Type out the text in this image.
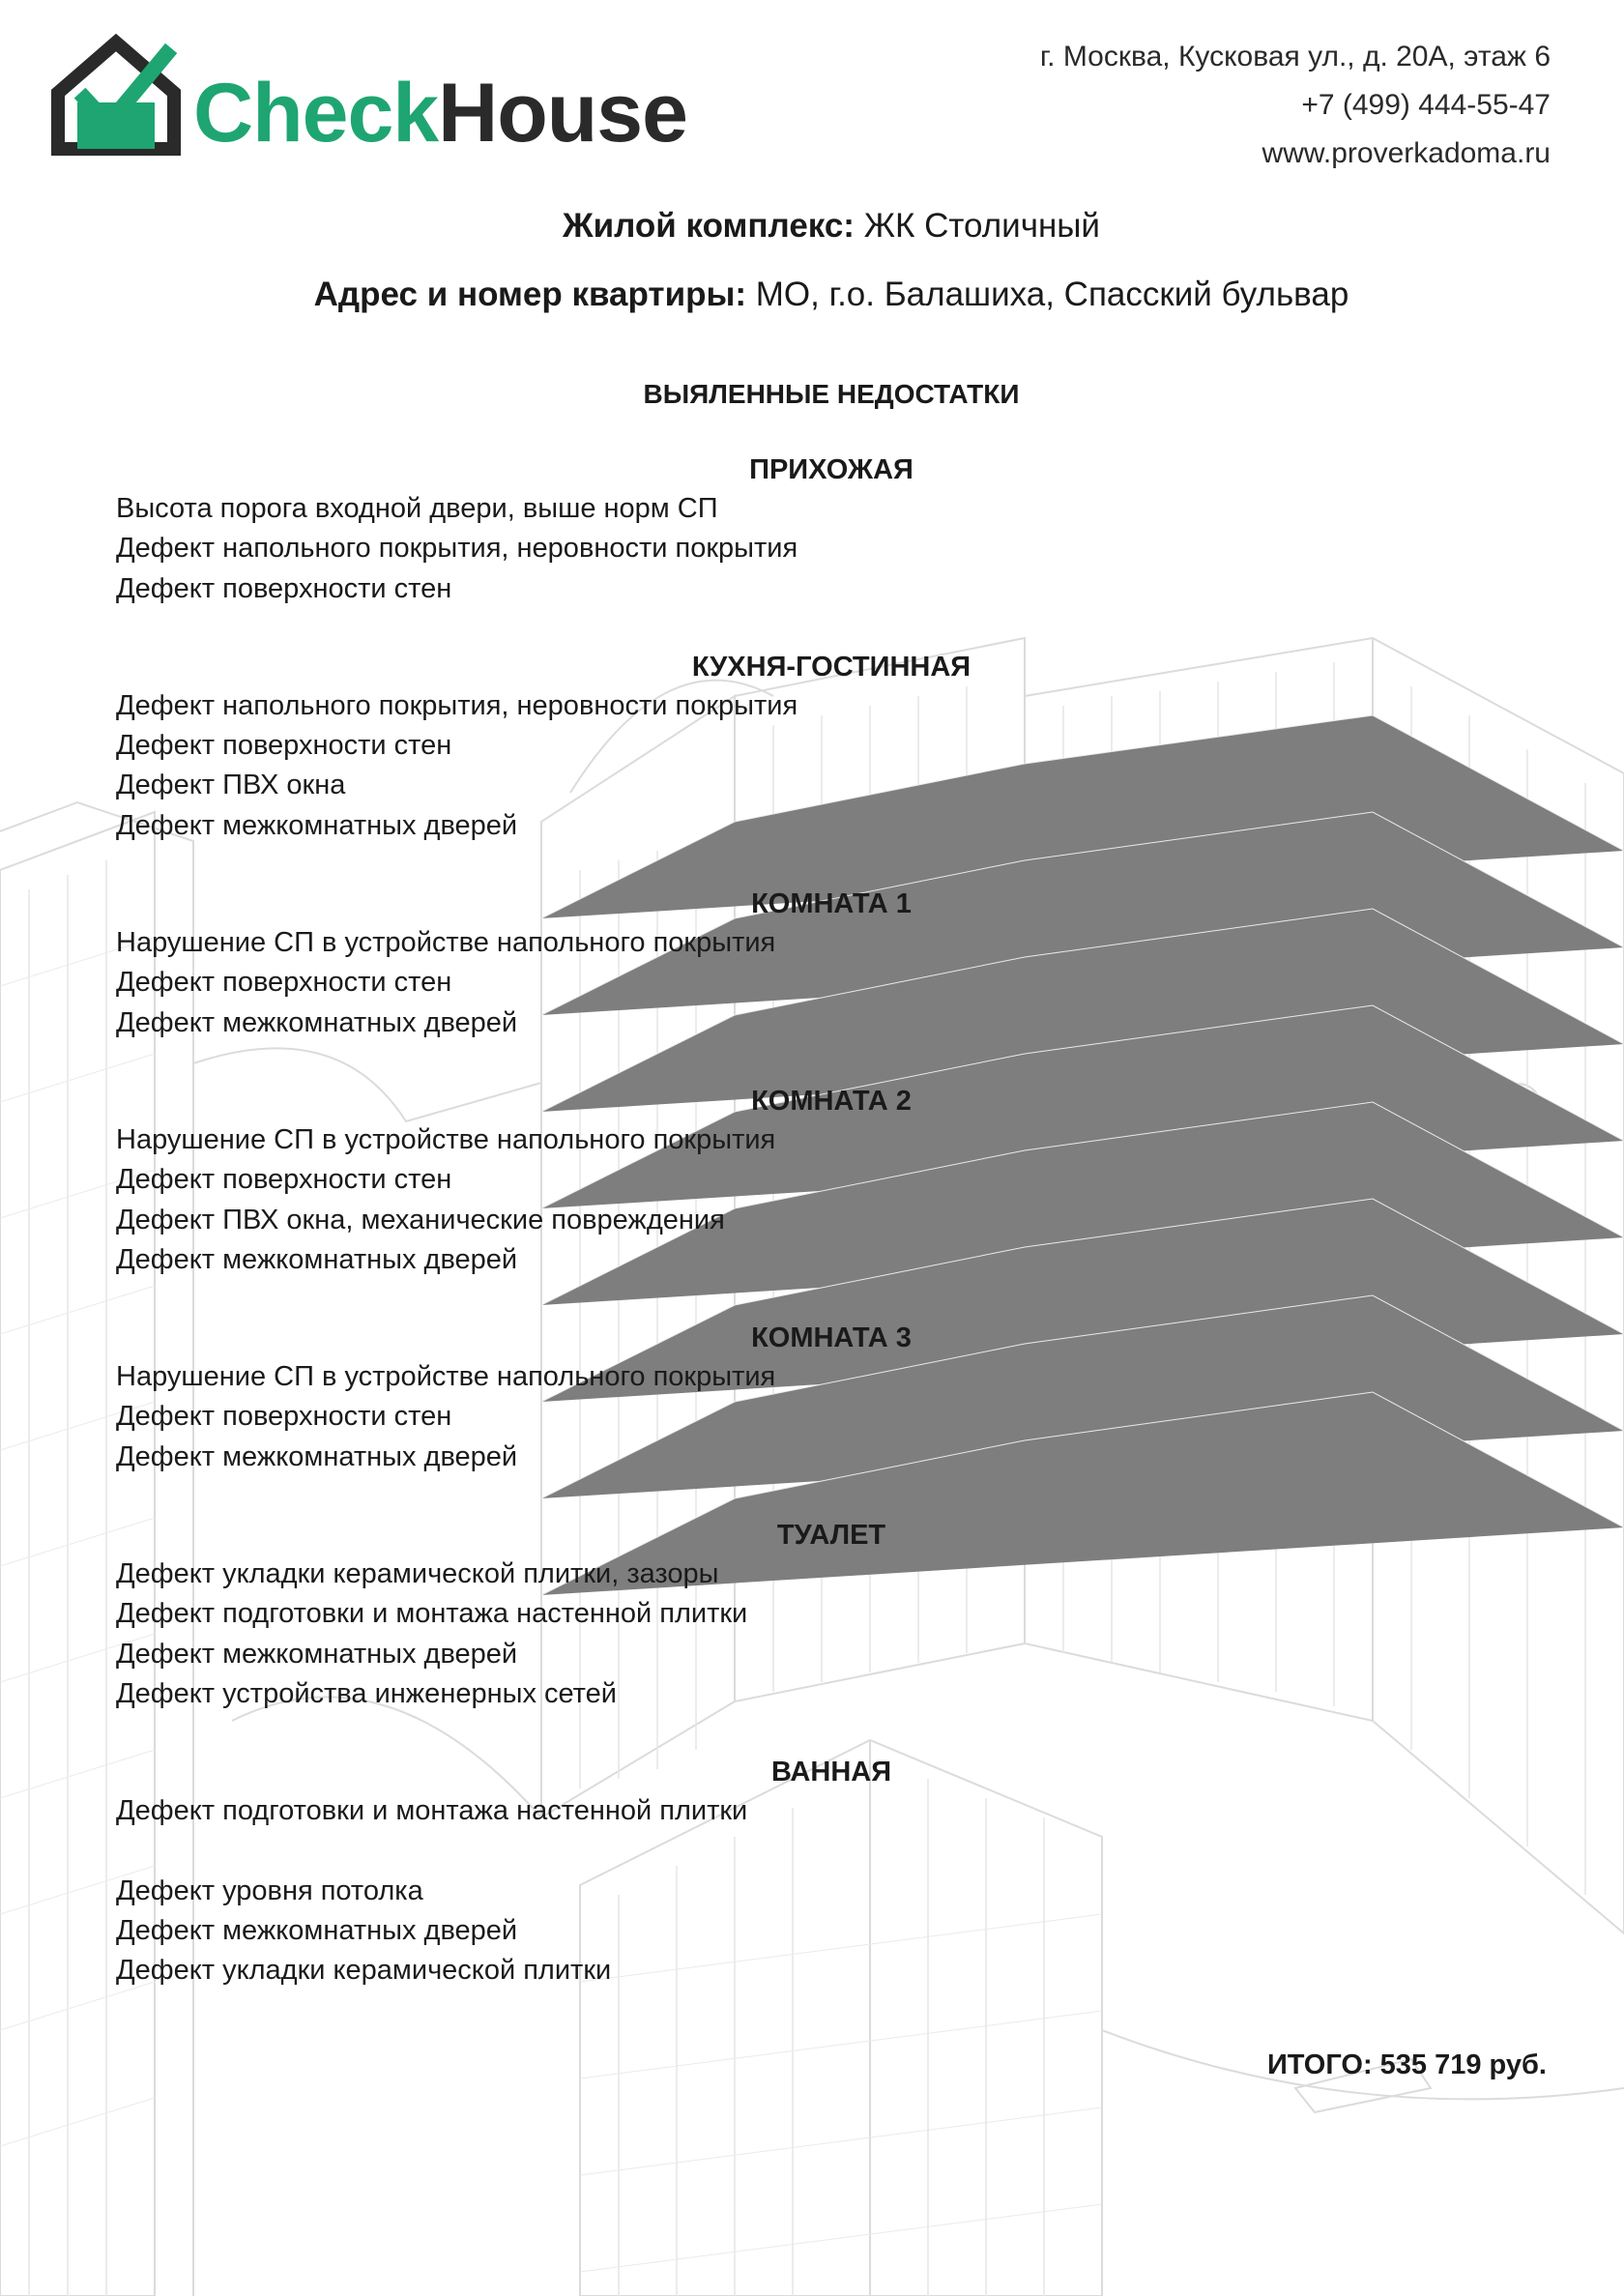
CheckHouse
г. Москва, Кусковая ул., д. 20А, этаж 6
+7 (499) 444-55-47
www.proverkadoma.ru
Жилой комплекс: ЖК Столичный
Адрес и номер квартиры: МО, г.о. Балашиха, Спасский бульвар
ВЫЯЛЕННЫЕ НЕДОСТАТКИ
ПРИХОЖАЯ
Высота порога входной двери, выше норм СП
Дефект напольного покрытия, неровности покрытия
Дефект поверхности стен
КУХНЯ-ГОСТИННАЯ
Дефект напольного покрытия, неровности покрытия
Дефект поверхности стен
Дефект ПВХ окна
Дефект межкомнатных дверей
КОМНАТА 1
Нарушение СП в устройстве напольного покрытия
Дефект поверхности стен
Дефект межкомнатных дверей
КОМНАТА 2
Нарушение СП в устройстве напольного покрытия
Дефект поверхности стен
Дефект ПВХ окна, механические повреждения
Дефект межкомнатных дверей
КОМНАТА 3
Нарушение СП в устройстве напольного покрытия
Дефект поверхности стен
Дефект межкомнатных дверей
ТУАЛЕТ
Дефект укладки керамической плитки, зазоры
Дефект подготовки и монтажа настенной плитки
Дефект межкомнатных дверей
Дефект устройства инженерных сетей
ВАННАЯ
Дефект подготовки и монтажа настенной плитки
Дефект уровня потолка
Дефект межкомнатных дверей
Дефект укладки керамической плитки
ИТОГО: 535 719 руб.
